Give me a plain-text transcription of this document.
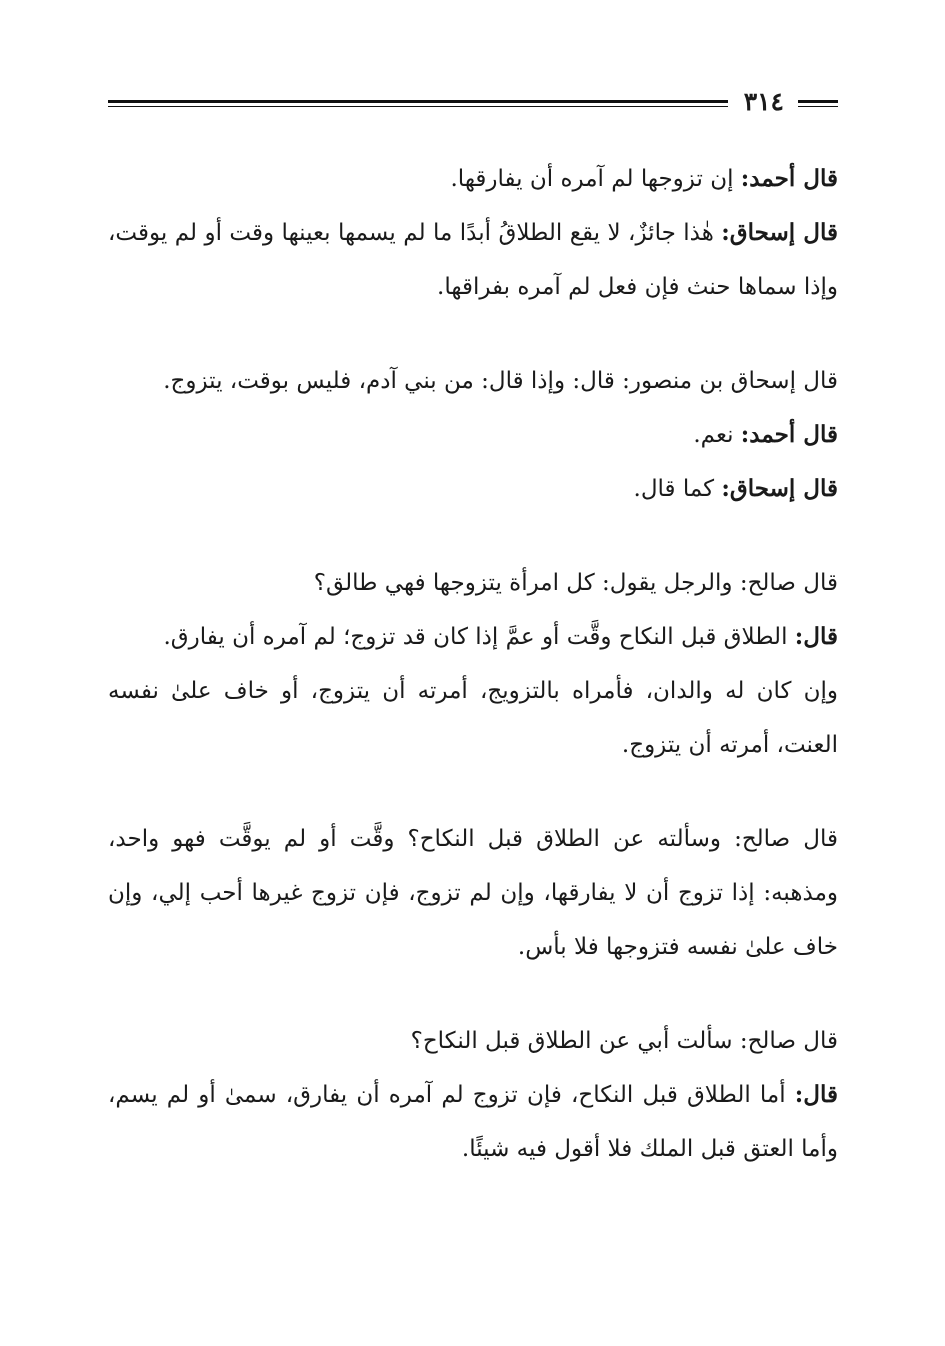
٣١٤

قال أحمد: إن تزوجها لم آمره أن يفارقها.

قال إسحاق: هٰذا جائزٌ، لا يقع الطلاقُ أبدًا ما لم يسمها بعينها وقت أو لم يوقت، وإذا سماها حنث فإن فعل لم آمره بفراقها.

قال إسحاق بن منصور: قال: وإذا قال: من بني آدم، فليس بوقت، يتزوج.

قال أحمد: نعم.

قال إسحاق: كما قال.

قال صالح: والرجل يقول: كل امرأة يتزوجها فهي طالق؟

قال: الطلاق قبل النكاح وقَّت أو عمَّ إذا كان قد تزوج؛ لم آمره أن يفارق.

وإن كان له والدان، فأمراه بالتزويج، أمرته أن يتزوج، أو خاف علىٰ نفسه العنت، أمرته أن يتزوج.

قال صالح: وسألته عن الطلاق قبل النكاح؟ وقَّت أو لم يوقَّت فهو واحد، ومذهبه: إذا تزوج أن لا يفارقها، وإن لم تزوج، فإن تزوج غيرها أحب إلي، وإن خاف علىٰ نفسه فتزوجها فلا بأس.

قال صالح: سألت أبي عن الطلاق قبل النكاح؟

قال: أما الطلاق قبل النكاح، فإن تزوج لم آمره أن يفارق، سمىٰ أو لم يسم، وأما العتق قبل الملك فلا أقول فيه شيئًا.
